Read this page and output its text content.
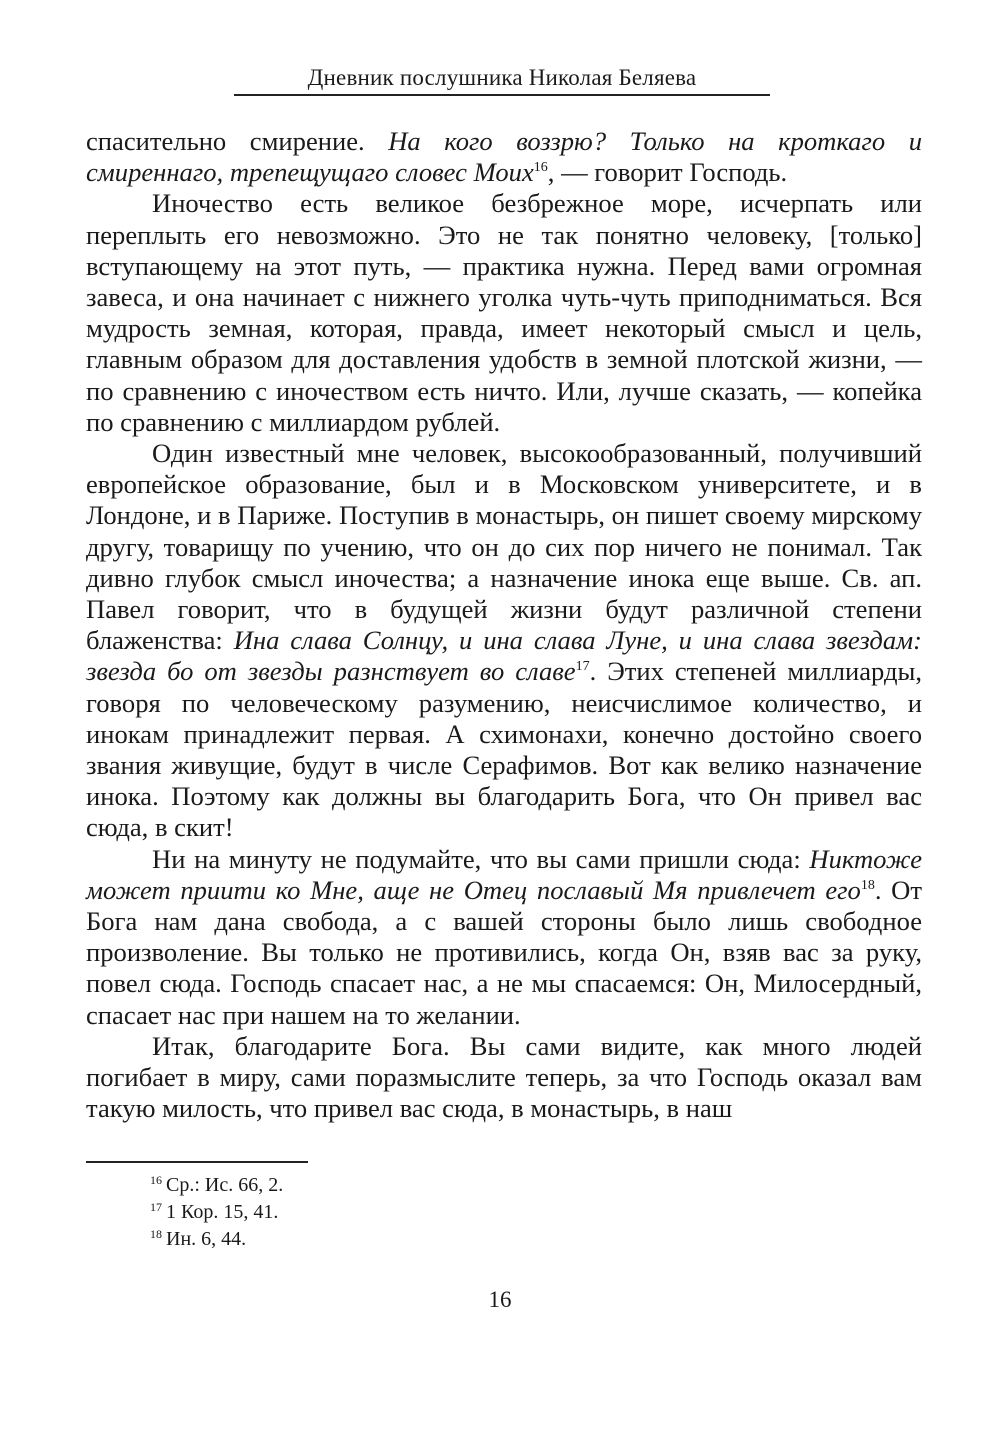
Дневник послушника Николая Беляева

спасительно смирение. На кого воззрю? Только на кроткаго и смиреннаго, трепещущаго словес Моих$^{16}$, — говорит Господь.

Иночество есть великое безбрежное море, исчерпать или переплыть его невозможно. Это не так понятно человеку, [только] вступающему на этот путь, — практика нужна. Перед вами огромная завеса, и она начинает с нижнего уголка чуть-чуть приподниматься. Вся мудрость земная, которая, правда, имеет некоторый смысл и цель, главным образом для доставления удобств в земной плотской жизни, — по сравнению с иночеством есть ничто. Или, лучше сказать, — копейка по сравнению с миллиардом рублей.

Один известный мне человек, высокообразованный, получивший европейское образование, был и в Московском университете, и в Лондоне, и в Париже. Поступив в монастырь, он пишет своему мирскому другу, товарищу по учению, что он до сих пор ничего не понимал. Так дивно глубок смысл иночества; а назначение инока еще выше. Св. ап. Павел говорит, что в будущей жизни будут различной степени блаженства: Ина слава Солнцу, и ина слава Луне, и ина слава звездам: звезда бо от звезды разнствует во славе$^{17}$. Этих степеней миллиарды, говоря по человеческому разумению, неисчислимое количество, и инокам принадлежит первая. А схимонахи, конечно достойно своего звания живущие, будут в числе Серафимов. Вот как велико назначение инока. Поэтому как должны вы благодарить Бога, что Он привел вас сюда, в скит!

Ни на минуту не подумайте, что вы сами пришли сюда: Никтоже может приити ко Мне, аще не Отец пославый Мя привлечет его$^{18}$. От Бога нам дана свобода, а с вашей стороны было лишь свободное произволение. Вы только не противились, когда Он, взяв вас за руку, повел сюда. Господь спасает нас, а не мы спасаемся: Он, Милосердный, спасает нас при нашем на то желании.

Итак, благодарите Бога. Вы сами видите, как много людей погибает в миру, сами поразмыслите теперь, за что Господь оказал вам такую милость, что привел вас сюда, в монастырь, в наш

$^{16}$ Ср.: Ис. 66, 2.
$^{17}$ 1 Кор. 15, 41.
$^{18}$ Ин. 6, 44.
16
